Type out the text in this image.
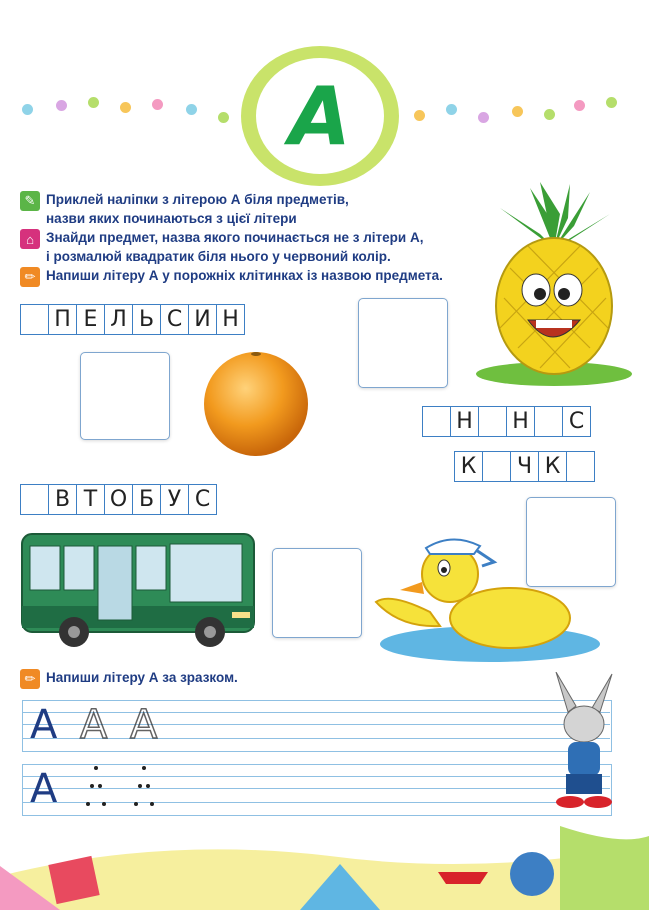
А
✎ Приклей наліпки з літерою А біля предметів,
назви яких починаються з цієї літери
⌂ Знайди предмет, назва якого починається не з літери А,
і розмалюй квадратик біля нього у червоний колір.
✏ Напиши літеру А у порожніх клітинках із назвою предмета.
П Е Л Ь С И Н
Н Н С
К	Ч К
В Т О Б У С
✏ Напиши літеру А за зразком.
А А А
А
